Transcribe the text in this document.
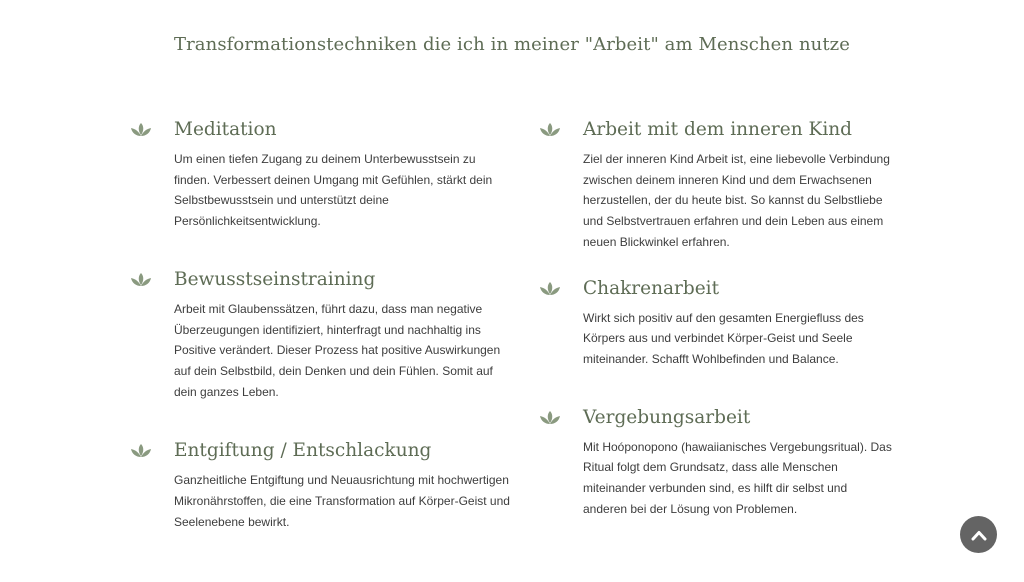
Transformationstechniken die ich in meiner "Arbeit" am Menschen nutze
Meditation

Um einen tiefen Zugang zu deinem Unterbewusstsein zu finden. Verbessert deinen Umgang mit Gefühlen, stärkt dein Selbstbewusstsein und unterstützt deine Persönlichkeitsentwicklung.

Bewusstseinstraining

Arbeit mit Glaubenssätzen, führt dazu, dass man negative Überzeugungen identifiziert, hinterfragt und nachhaltig ins Positive verändert. Dieser Prozess hat positive Auswirkungen auf dein Selbstbild, dein Denken und dein Fühlen. Somit auf dein ganzes Leben.

Entgiftung / Entschlackung

Ganzheitliche Entgiftung und Neuausrichtung mit hochwertigen Mikronährstoffen, die eine Transformation auf Körper-Geist und Seelenebene bewirkt.

Arbeit mit dem inneren Kind

Ziel der inneren Kind Arbeit ist, eine liebevolle Verbindung zwischen deinem inneren Kind und dem Erwachsenen herzustellen, der du heute bist. So kannst du Selbstliebe und Selbstvertrauen erfahren und dein Leben aus einem neuen Blickwinkel erfahren.

Chakrenarbeit

Wirkt sich positiv auf den gesamten Energiefluss des Körpers aus und verbindet Körper-Geist und Seele miteinander. Schafft Wohlbefinden und Balance.

Vergebungsarbeit

Mit Hoóponopono (hawaiianisches Vergebungsritual). Das Ritual folgt dem Grundsatz, dass alle Menschen miteinander verbunden sind, es hilft dir selbst und anderen bei der Lösung von Problemen.
